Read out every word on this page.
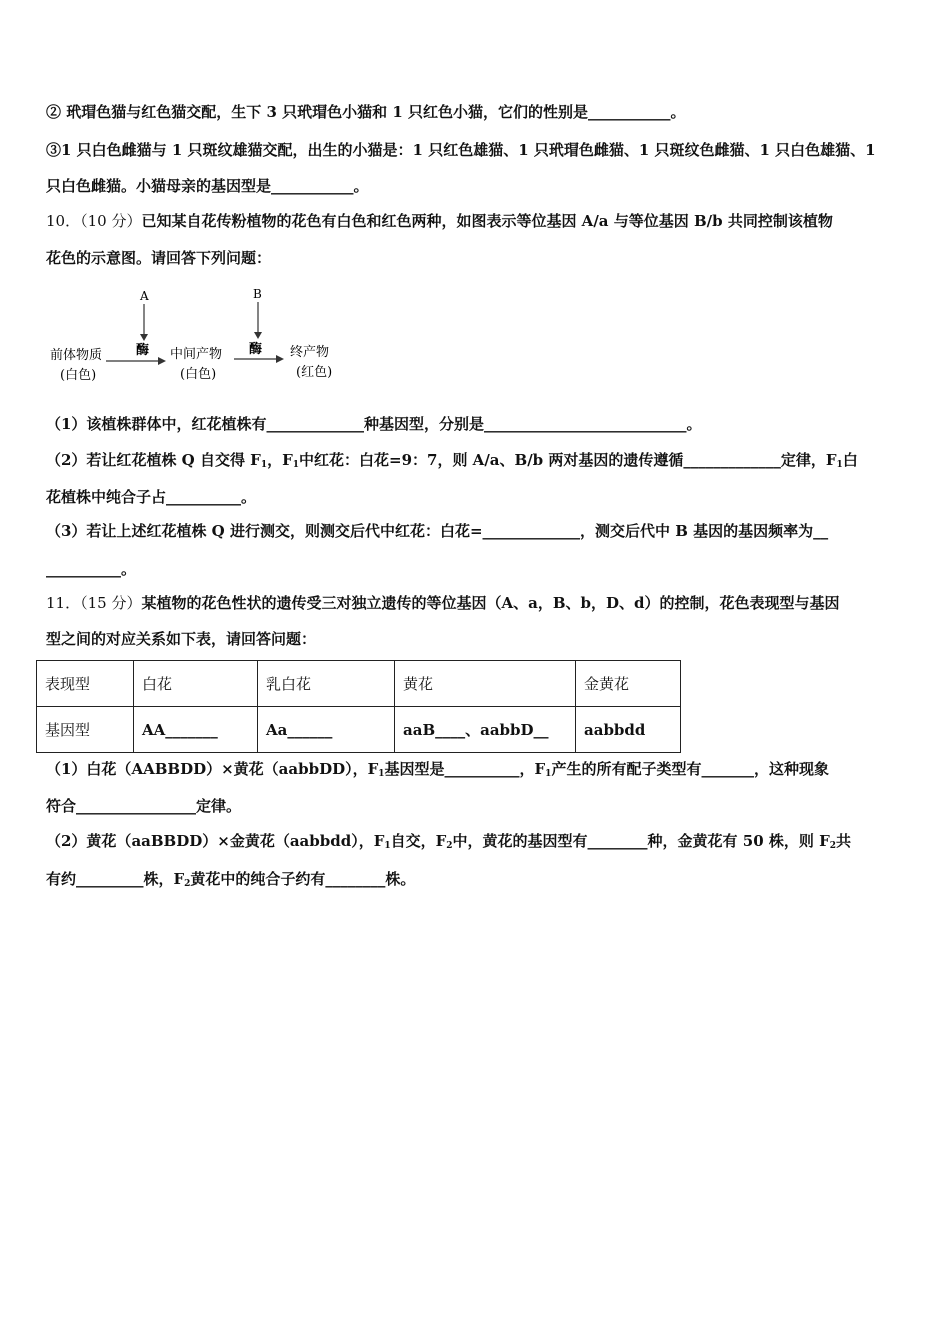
② 玳瑁色猫与红色猫交配，生下 3 只玳瑁色小猫和 1 只红色小猫，它们的性别是___________。
③1 只白色雌猫与 1 只斑纹雄猫交配，出生的小猫是：1 只红色雄猫、1 只玳瑁色雌猫、1 只斑纹色雌猫、1 只白色雄猫、1
只白色雌猫。小猫母亲的基因型是___________。
10．（10 分）已知某自花传粉植物的花色有白色和红色两种，如图表示等位基因 A/a 与等位基因 B/b 共同控制该植物
花色的示意图。请回答下列问题：
A	B
酶	酶
前体物质
(白色)
中间产物
(白色)
终产物
(红色)
（1）该植株群体中，红花植株有_____________种基因型，分别是___________________________。
（2）若让红花植株 Q 自交得 $F_1$，$F_1$中红花：白花=9：7，则 A/a、B/b 两对基因的遗传遵循_____________定律，$F_1$白
花植株中纯合子占__________。
（3）若让上述红花植株 Q 进行测交，则测交后代中红花：白花=_____________，测交后代中 B 基因的基因频率为__
__________。
11．（15 分）某植物的花色性状的遗传受三对独立遗传的等位基因（A、a，B、b，D、d）的控制，花色表现型与基因
型之间的对应关系如下表，请回答问题：
表现型	白花	乳白花	黄花	金黄花
基因型	AA_______	Aa______	aaB____、aabbD__	aabbdd
（1）白花（AABBDD）×黄花（aabbDD），$F_1$基因型是__________，$F_1$产生的所有配子类型有_______，这种现象
符合________________定律。
（2）黄花（aaBBDD）×金黄花（aabbdd），$F_1$自交，$F_2$中，黄花的基因型有________种，金黄花有 50 株，则 $F_2$共
有约_________株，$F_2$黄花中的纯合子约有________株。
